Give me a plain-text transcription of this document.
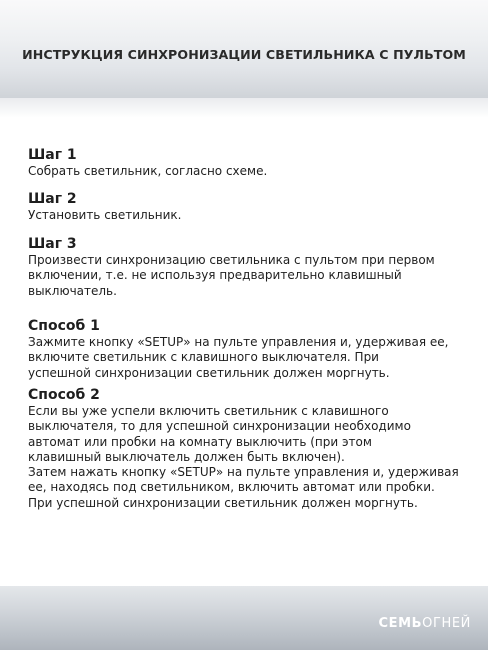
ИНСТРУКЦИЯ СИНХРОНИЗАЦИИ СВЕТИЛЬНИКА С ПУЛЬТОМ
Шаг 1
Собрать светильник, согласно схеме.
Шаг 2
Установить светильник.
Шаг 3
Произвести синхронизацию светильника с пультом при первом
включении, т.е. не используя предварительно клавишный
выключатель.
Способ 1
Зажмите кнопку «SETUP» на пульте управления и, удерживая ее,
включите светильник с клавишного выключателя. При
успешной синхронизации светильник должен моргнуть.
Способ 2
Если вы уже успели включить светильник с клавишного
выключателя, то для успешной синхронизации необходимо
автомат или пробки на комнату выключить (при этом
клавишный выключатель должен быть включен).
Затем нажать кнопку «SETUP» на пульте управления и, удерживая
ее, находясь под светильником, включить автомат или пробки.
При успешной синхронизации светильник должен моргнуть.
СЕМЬОГНЕЙ
